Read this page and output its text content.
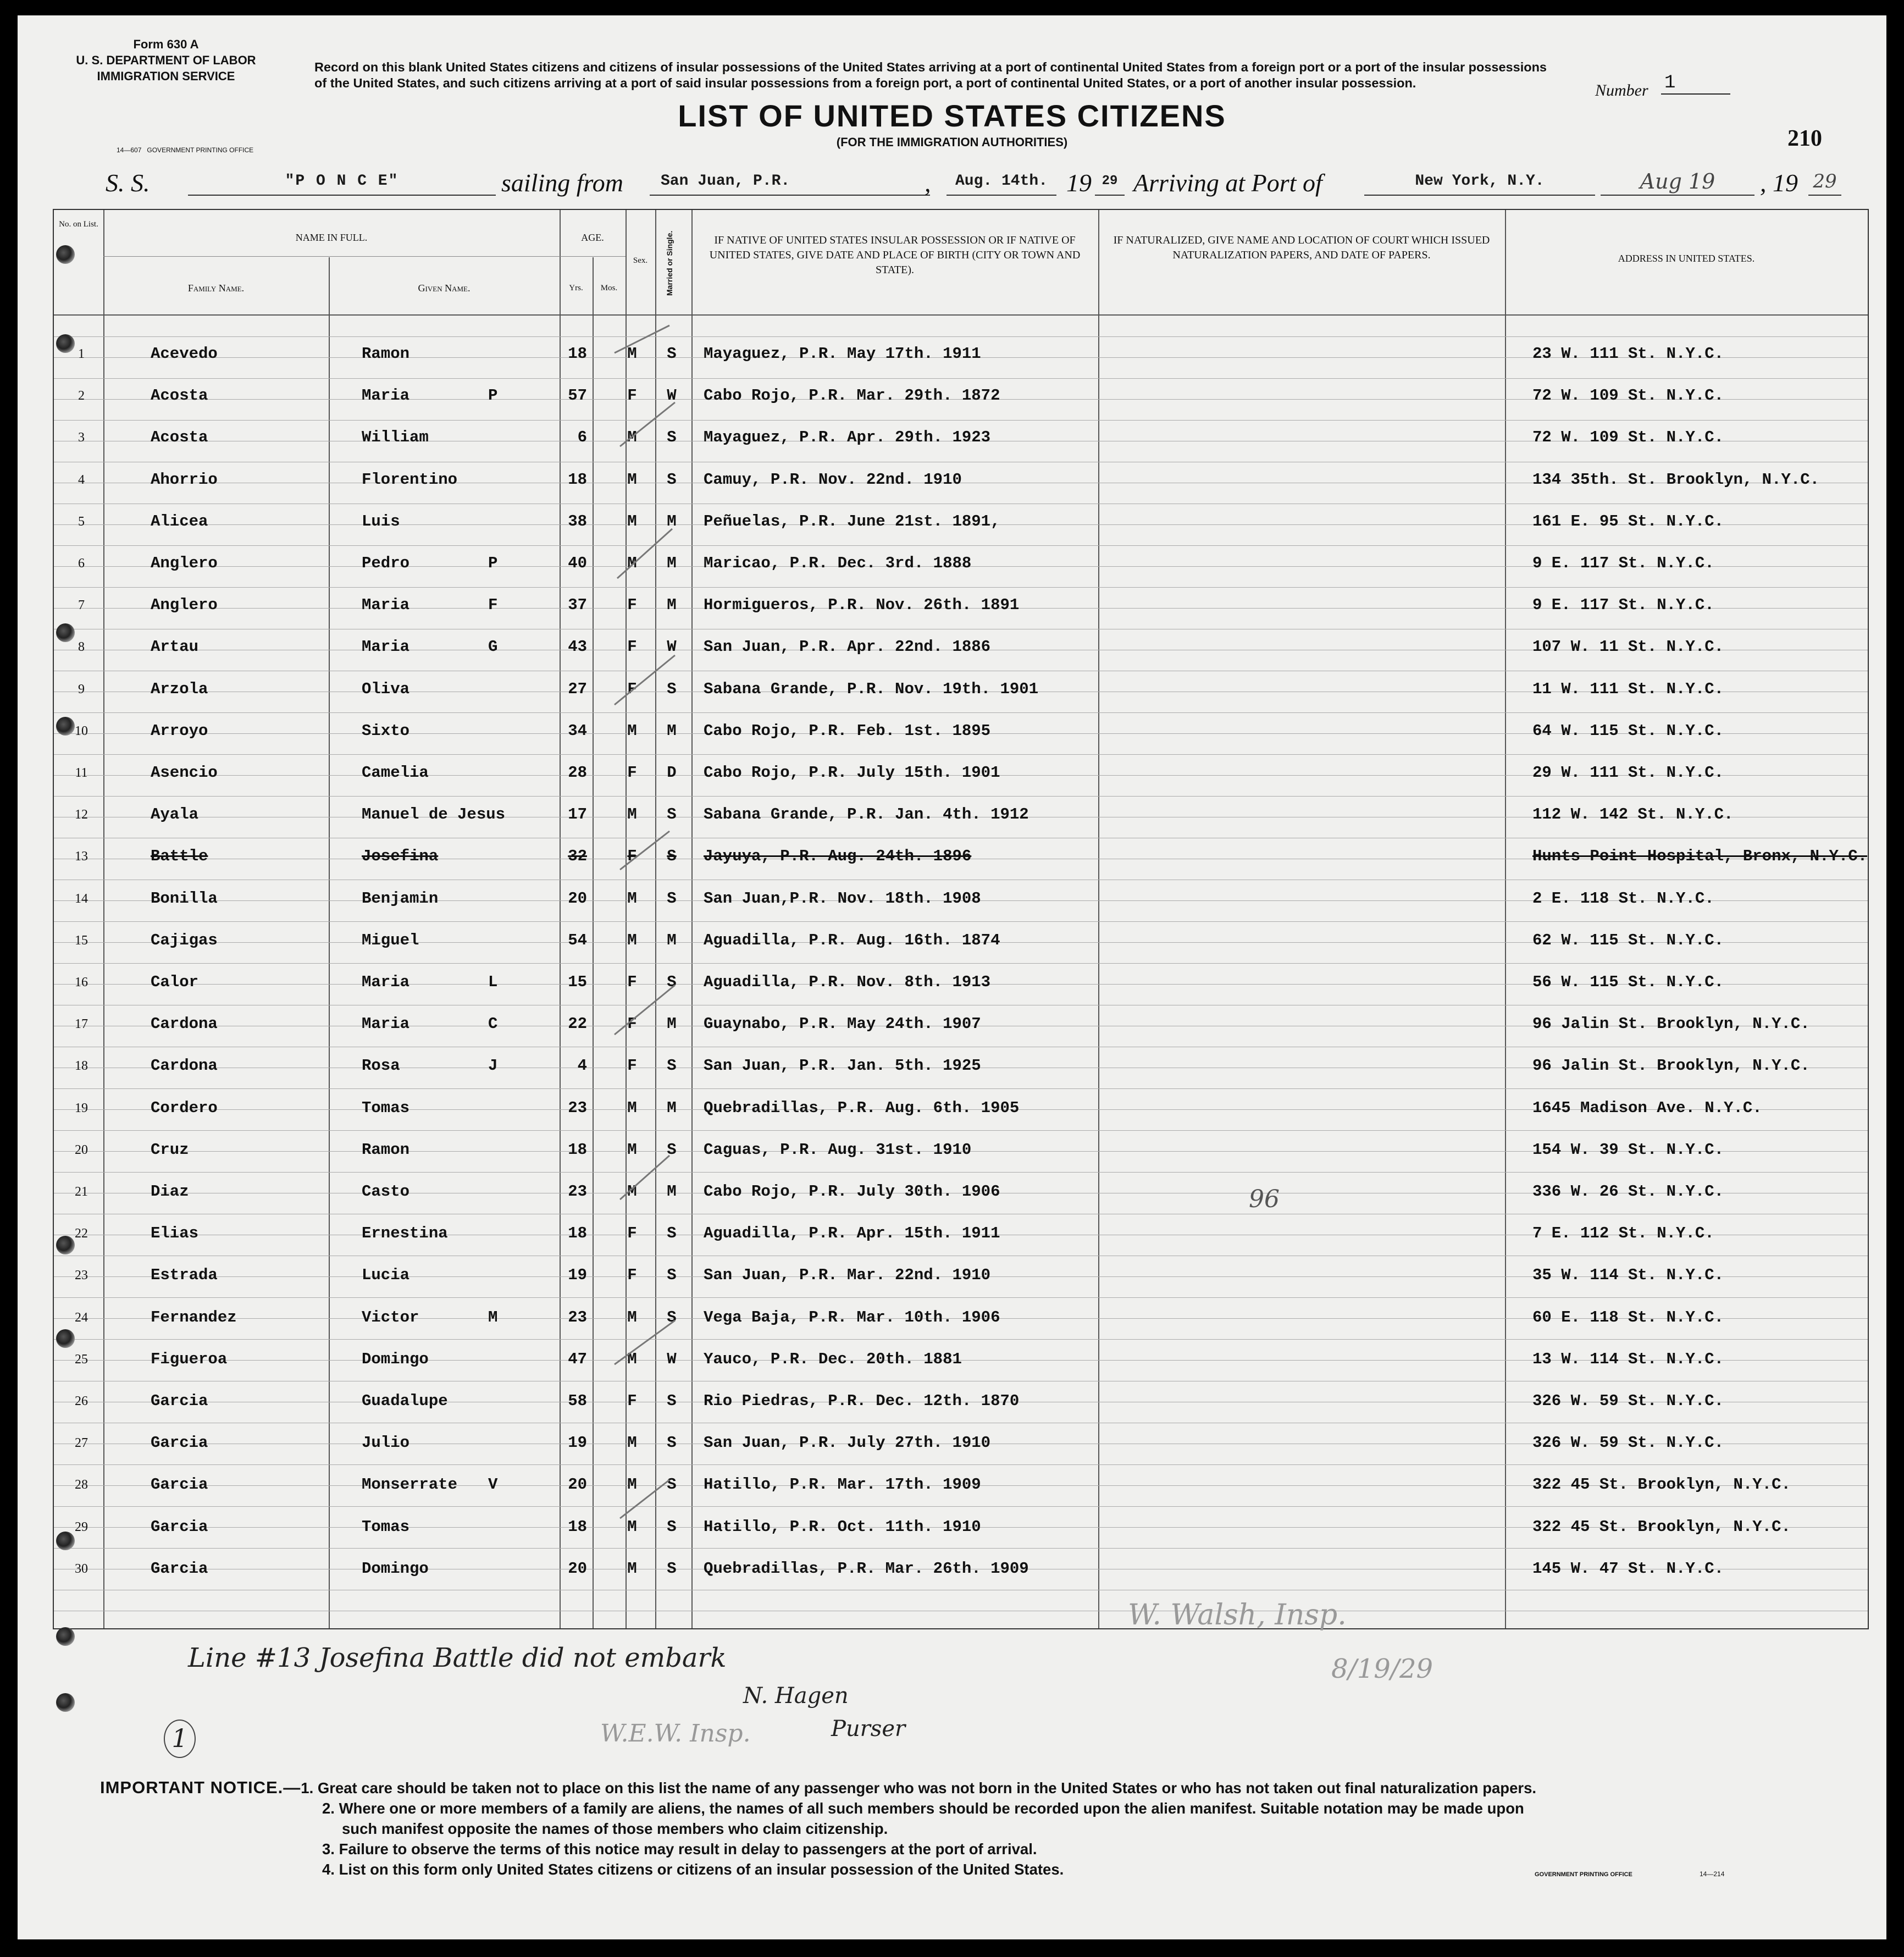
Form 630 A
U. S. DEPARTMENT OF LABOR
IMMIGRATION SERVICE
14—607 GOVERNMENT PRINTING OFFICE
Record on this blank United States citizens and citizens of insular possessions of the United States arriving at a port of continental United States from a foreign port or a port of the insular possessions of the United States, and such citizens arriving at a port of said insular possessions from a foreign port, a port of continental United States, or a port of another insular possession.	Number 1
210
LIST OF UNITED STATES CITIZENS
(FOR THE IMMIGRATION AUTHORITIES)
S. S.	"P O N C E"	sailing from	San Juan, P.R.	,	Aug. 14th. 19 29 Arriving at Port of	New York, N.Y.	Aug 19	, 19 29
No. on List.
NAME IN FULL.
Family Name.	Given Name.
AGE.
Yrs.	Mos.
Sex.	Married or Single.	IF NATIVE OF UNITED STATES INSULAR POSSESSION OR IF NATIVE OF UNITED STATES, GIVE DATE AND PLACE OF BIRTH (CITY OR TOWN AND STATE).
IF NATURALIZED, GIVE NAME AND LOCATION OF COURT WHICH ISSUED NATURALIZATION PAPERS, AND DATE OF PAPERS.	ADDRESS IN UNITED STATES.
1	Acevedo	Ramon	18	M	S	Mayaguez, P.R. May 17th. 1911	23 W. 111 St. N.Y.C.
2	Acosta	Maria	P	57	F	W	Cabo Rojo, P.R. Mar. 29th. 1872	72 W. 109 St. N.Y.C.
3	Acosta	William	6	M	S	Mayaguez, P.R. Apr. 29th. 1923	72 W. 109 St. N.Y.C.
4	Ahorrio	Florentino	18	M	S	Camuy, P.R. Nov. 22nd. 1910	134 35th. St. Brooklyn, N.Y.C.
5	Alicea	Luis	38	M	M	Peñuelas, P.R. June 21st. 1891,	161 E. 95 St. N.Y.C.
6	Anglero	Pedro	P	40	M	M	Maricao, P.R. Dec. 3rd. 1888	9 E. 117 St. N.Y.C.
7	Anglero	Maria	F	37	F	M	Hormigueros, P.R. Nov. 26th. 1891	9 E. 117 St. N.Y.C.
8	Artau	Maria	G	43	F	W	San Juan, P.R. Apr. 22nd. 1886	107 W. 11 St. N.Y.C.
9	Arzola	Oliva	27	F	S	Sabana Grande, P.R. Nov. 19th. 1901	11 W. 111 St. N.Y.C.
10	Arroyo	Sixto	34	M	M	Cabo Rojo, P.R. Feb. 1st. 1895	64 W. 115 St. N.Y.C.
11	Asencio	Camelia	28	F	D	Cabo Rojo, P.R. July 15th. 1901	29 W. 111 St. N.Y.C.
12	Ayala	Manuel de Jesus	17	M	S	Sabana Grande, P.R. Jan. 4th. 1912	112 W. 142 St. N.Y.C.
13	Battle	Josefina	32	F	S	Jayuya, P.R. Aug. 24th. 1896	Hunts Point Hospital, Bronx, N.Y.C.
14	Bonilla	Benjamin	20	M	S	San Juan,P.R. Nov. 18th. 1908	2 E. 118 St. N.Y.C.
15	Cajigas	Miguel	54	M	M	Aguadilla, P.R. Aug. 16th. 1874	62 W. 115 St. N.Y.C.
16	Calor	Maria	L	15	F	S	Aguadilla, P.R. Nov. 8th. 1913	56 W. 115 St. N.Y.C.
17	Cardona	Maria	C	22	F	M	Guaynabo, P.R. May 24th. 1907	96 Jalin St. Brooklyn, N.Y.C.
18	Cardona	Rosa	J	4	F	S	San Juan, P.R. Jan. 5th. 1925	96 Jalin St. Brooklyn, N.Y.C.
19	Cordero	Tomas	23	M	M	Quebradillas, P.R. Aug. 6th. 1905	1645 Madison Ave. N.Y.C.
20	Cruz	Ramon	18	M	S	Caguas, P.R. Aug. 31st. 1910	154 W. 39 St. N.Y.C.
21	Diaz	Casto	23	M	M	Cabo Rojo, P.R. July 30th. 1906	336 W. 26 St. N.Y.C.
22	Elias	Ernestina	18	F	S	Aguadilla, P.R. Apr. 15th. 1911	7 E. 112 St. N.Y.C.
23	Estrada	Lucia	19	F	S	San Juan, P.R. Mar. 22nd. 1910	35 W. 114 St. N.Y.C.
24	Fernandez	Victor	M	23	M	S	Vega Baja, P.R. Mar. 10th. 1906	60 E. 118 St. N.Y.C.
25	Figueroa	Domingo	47	M	W	Yauco, P.R. Dec. 20th. 1881	13 W. 114 St. N.Y.C.
26	Garcia	Guadalupe	58	F	S	Rio Piedras, P.R. Dec. 12th. 1870	326 W. 59 St. N.Y.C.
27	Garcia	Julio	19	M	S	San Juan, P.R. July 27th. 1910	326 W. 59 St. N.Y.C.
28	Garcia	Monserrate V	20	M	S	Hatillo, P.R. Mar. 17th. 1909	322 45 St. Brooklyn, N.Y.C.
29	Garcia	Tomas	18	M	S	Hatillo, P.R. Oct. 11th. 1910	322 45 St. Brooklyn, N.Y.C.
30	Garcia	Domingo	20	M	S	Quebradillas, P.R. Mar. 26th. 1909	145 W. 47 St. N.Y.C.
96
Line #13 Josefina Battle did not embark
W. Walsh, Insp.
8/19/29
N. Hagen
W.E.W. Insp.	Purser
1

IMPORTANT NOTICE.—1. Great care should be taken not to place on this list the name of any passenger who was not born in the United States or who has not taken out final naturalization papers.

2. Where one or more members of a family are aliens, the names of all such members should be recorded upon the alien manifest. Suitable notation may be made upon

such manifest opposite the names of those members who claim citizenship.

3. Failure to observe the terms of this notice may result in delay to passengers at the port of arrival.

4. List on this form only United States citizens or citizens of an insular possession of the United States.	GOVERNMENT PRINTING OFFICE	14—214
